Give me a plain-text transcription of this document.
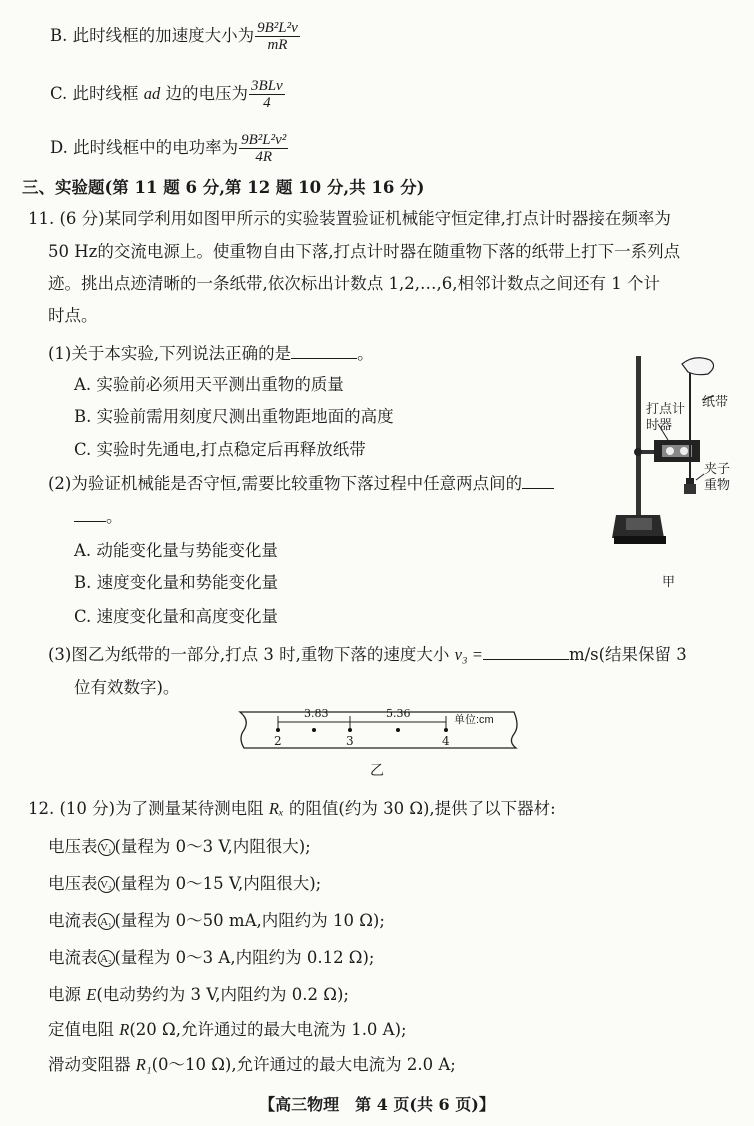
B. 此时线框的加速度大小为 $\frac{\text{9B²L²v}}{mR}$
C. 此时线框 ad 边的电压为 $\frac{\text{3BLv}}{4}$
D. 此时线框中的电功率为 $\frac{\text{9B²L²v²}}{4R}$
三、实验题(第 11 题 6 分,第 12 题 10 分,共 16 分)
11. (6 分)某同学利用如图甲所示的实验装置验证机械能守恒定律,打点计时器接在频率为
50 Hz的交流电源上。使重物自由下落,打点计时器在随重物下落的纸带上打下一系列点
迹。挑出点迹清晰的一条纸带,依次标出计数点 1,2,…,6,相邻计数点之间还有 1 个计
时点。
(1)关于本实验,下列说法正确的是	。
A. 实验前必须用天平测出重物的质量
B. 实验前需用刻度尺测出重物距地面的高度
C. 实验时先通电,打点稳定后再释放纸带
(2)为验证机械能是否守恒,需要比较重物下落过程中任意两点间的
。
A. 动能变化量与势能变化量
B. 速度变化量和势能变化量
C. 速度变化量和高度变化量
(3)图乙为纸带的一部分,打点 3 时,重物下落的速度大小 v₃ =	m/s(结果保留 3
位有效数字)。
纸带
打点计
时器
夹子
重物
甲
3.83	5.36	单位:cm
2	3	4
乙
12. (10 分)为了测量某待测电阻 Rₓ 的阻值(约为 30 Ω),提供了以下器材:
电压表 V₁ (量程为 0～3 V,内阻很大);
电压表 V₂ (量程为 0～15 V,内阻很大);
电流表 A₁ (量程为 0～50 mA,内阻约为 10 Ω);
电流表 A₂ (量程为 0～3 A,内阻约为 0.12 Ω);
电源 E(电动势约为 3 V,内阻约为 0.2 Ω);
定值电阻 R(20 Ω,允许通过的最大电流为 1.0 A);
滑动变阻器 R₁(0～10 Ω),允许通过的最大电流为 2.0 A;
【高三物理　第 4 页(共 6 页)】
